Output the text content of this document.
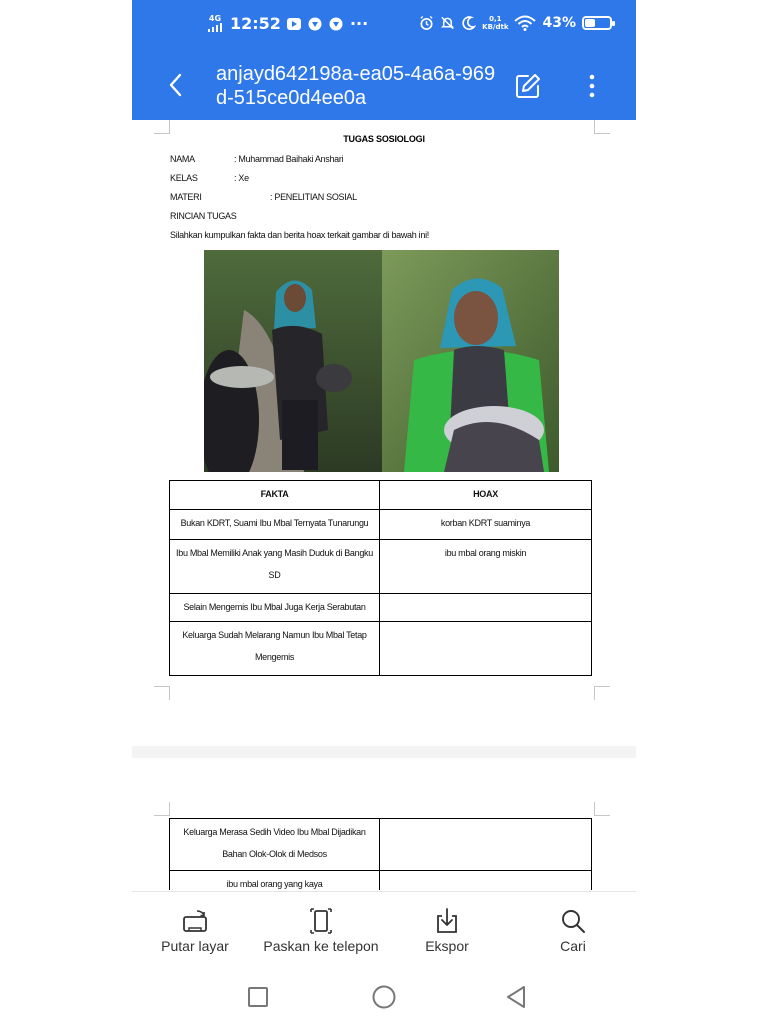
4G 12:52	···	0,1
KB/dtk 43%
anjayd642198a-ea05-4a6a-969d-515ce0d4ee0a
TUGAS SOSIOLOGI
NAMA	: Muhammad Baihaki Anshari
KELAS	: Xe
MATERI	: PENELITIAN SOSIAL
RINCIAN TUGAS
Silahkan kumpulkan fakta dan berita hoax terkait gambar di bawah ini!
FAKTA	HOAX
Bukan KDRT, Suami Ibu Mbal Ternyata Tunarungu	korban KDRT suaminya
Ibu Mbal Memiliki Anak yang Masih Duduk di Bangku SD	ibu mbal orang miskin
Selain Mengemis Ibu Mbal Juga Kerja Serabutan	
Keluarga Sudah Melarang Namun Ibu Mbal Tetap Mengemis	
Keluarga Merasa Sedih Video Ibu Mbal Dijadikan Bahan Olok-Olok di Medsos	
ibu mbal orang yang kaya	
Putar layar Paskan ke telepon	Ekspor	Cari
